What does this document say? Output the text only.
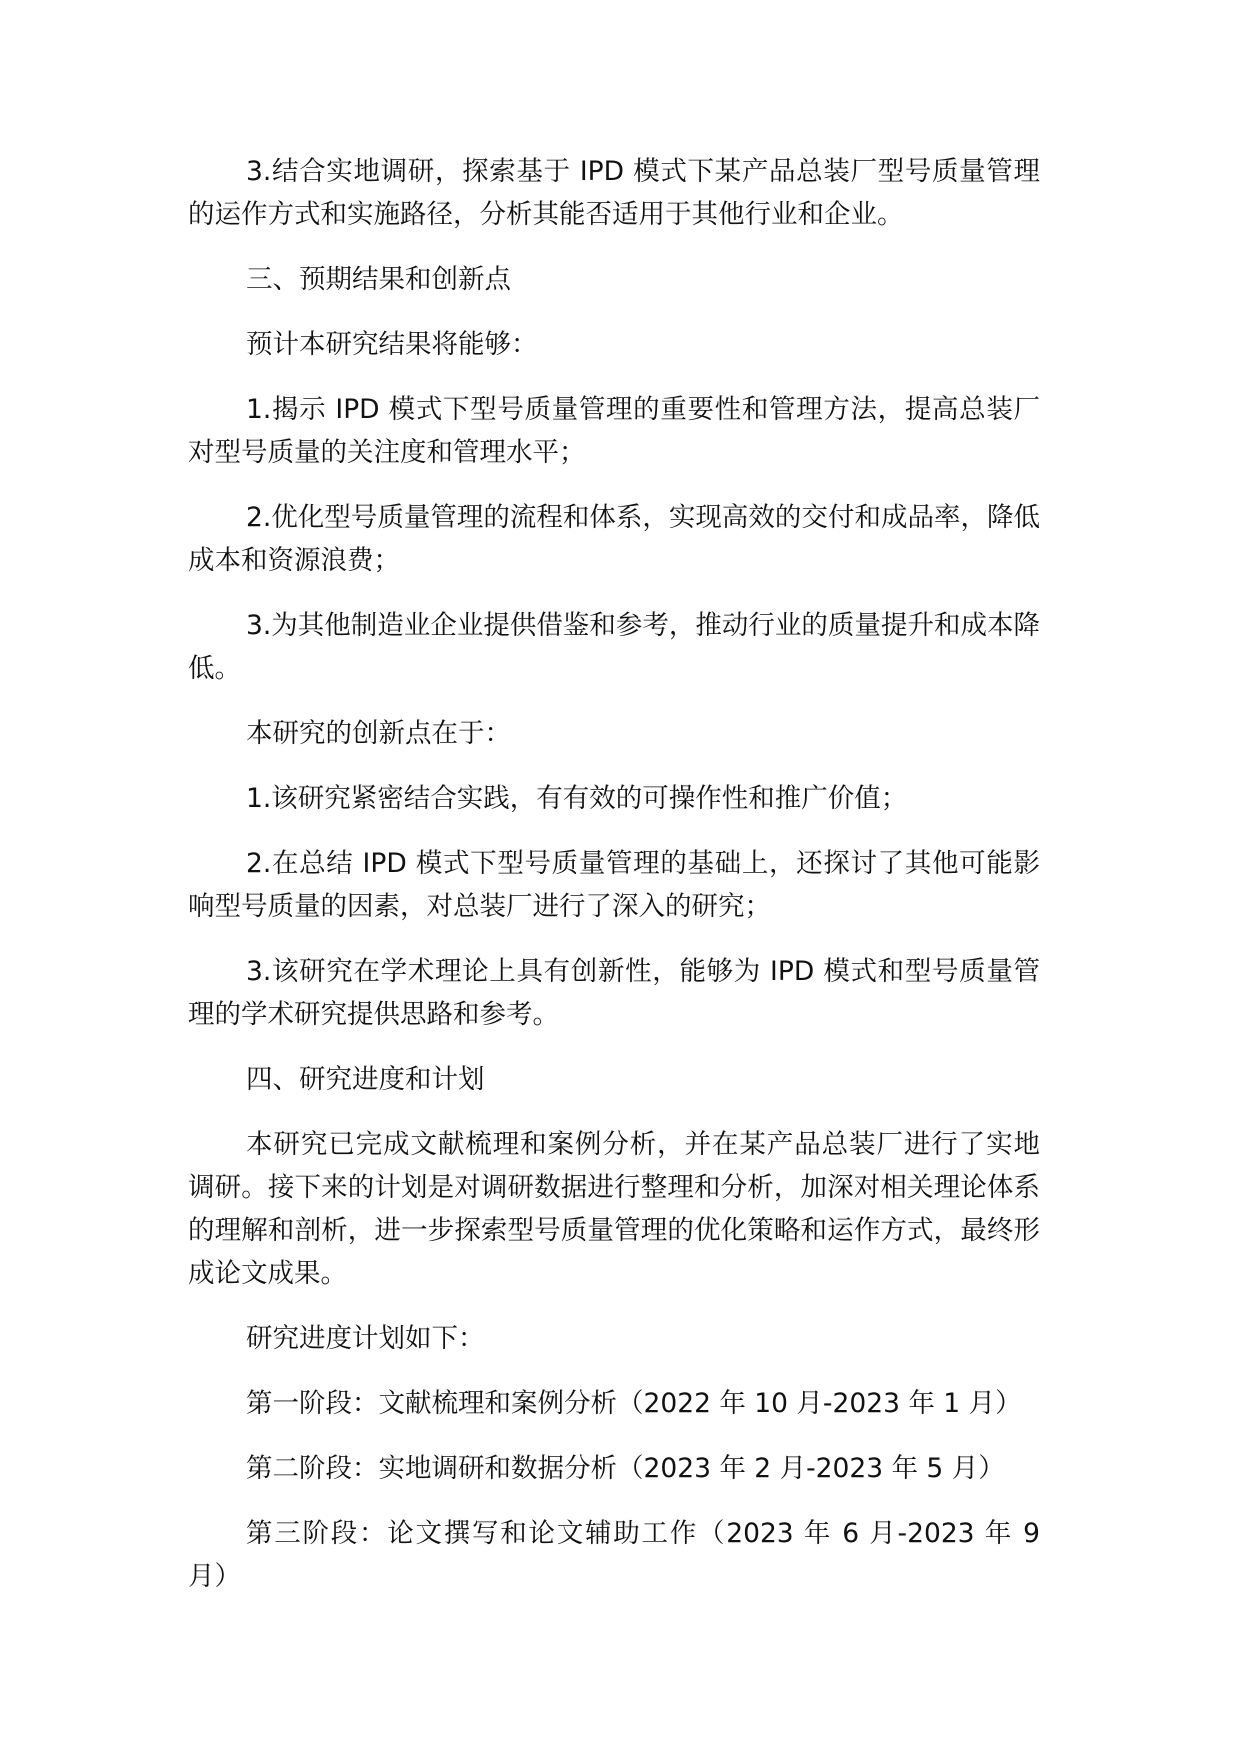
3.结合实地调研，探索基于 IPD 模式下某产品总装厂型号质量管理的运作方式和实施路径，分析其能否适用于其他行业和企业。

三、预期结果和创新点

预计本研究结果将能够：

1.揭示 IPD 模式下型号质量管理的重要性和管理方法，提高总装厂对型号质量的关注度和管理水平；

2.优化型号质量管理的流程和体系，实现高效的交付和成品率，降低成本和资源浪费；

3.为其他制造业企业提供借鉴和参考，推动行业的质量提升和成本降低。

本研究的创新点在于：

1.该研究紧密结合实践，有有效的可操作性和推广价值；

2.在总结 IPD 模式下型号质量管理的基础上，还探讨了其他可能影响型号质量的因素，对总装厂进行了深入的研究；

3.该研究在学术理论上具有创新性，能够为 IPD 模式和型号质量管理的学术研究提供思路和参考。

四、研究进度和计划

本研究已完成文献梳理和案例分析，并在某产品总装厂进行了实地调研。接下来的计划是对调研数据进行整理和分析，加深对相关理论体系的理解和剖析，进一步探索型号质量管理的优化策略和运作方式，最终形成论文成果。

研究进度计划如下：

第一阶段：文献梳理和案例分析（2022 年 10 月-2023 年 1 月）

第二阶段：实地调研和数据分析（2023 年 2 月-2023 年 5 月）

第三阶段：论文撰写和论文辅助工作（2023 年 6 月-2023 年 9 月）
